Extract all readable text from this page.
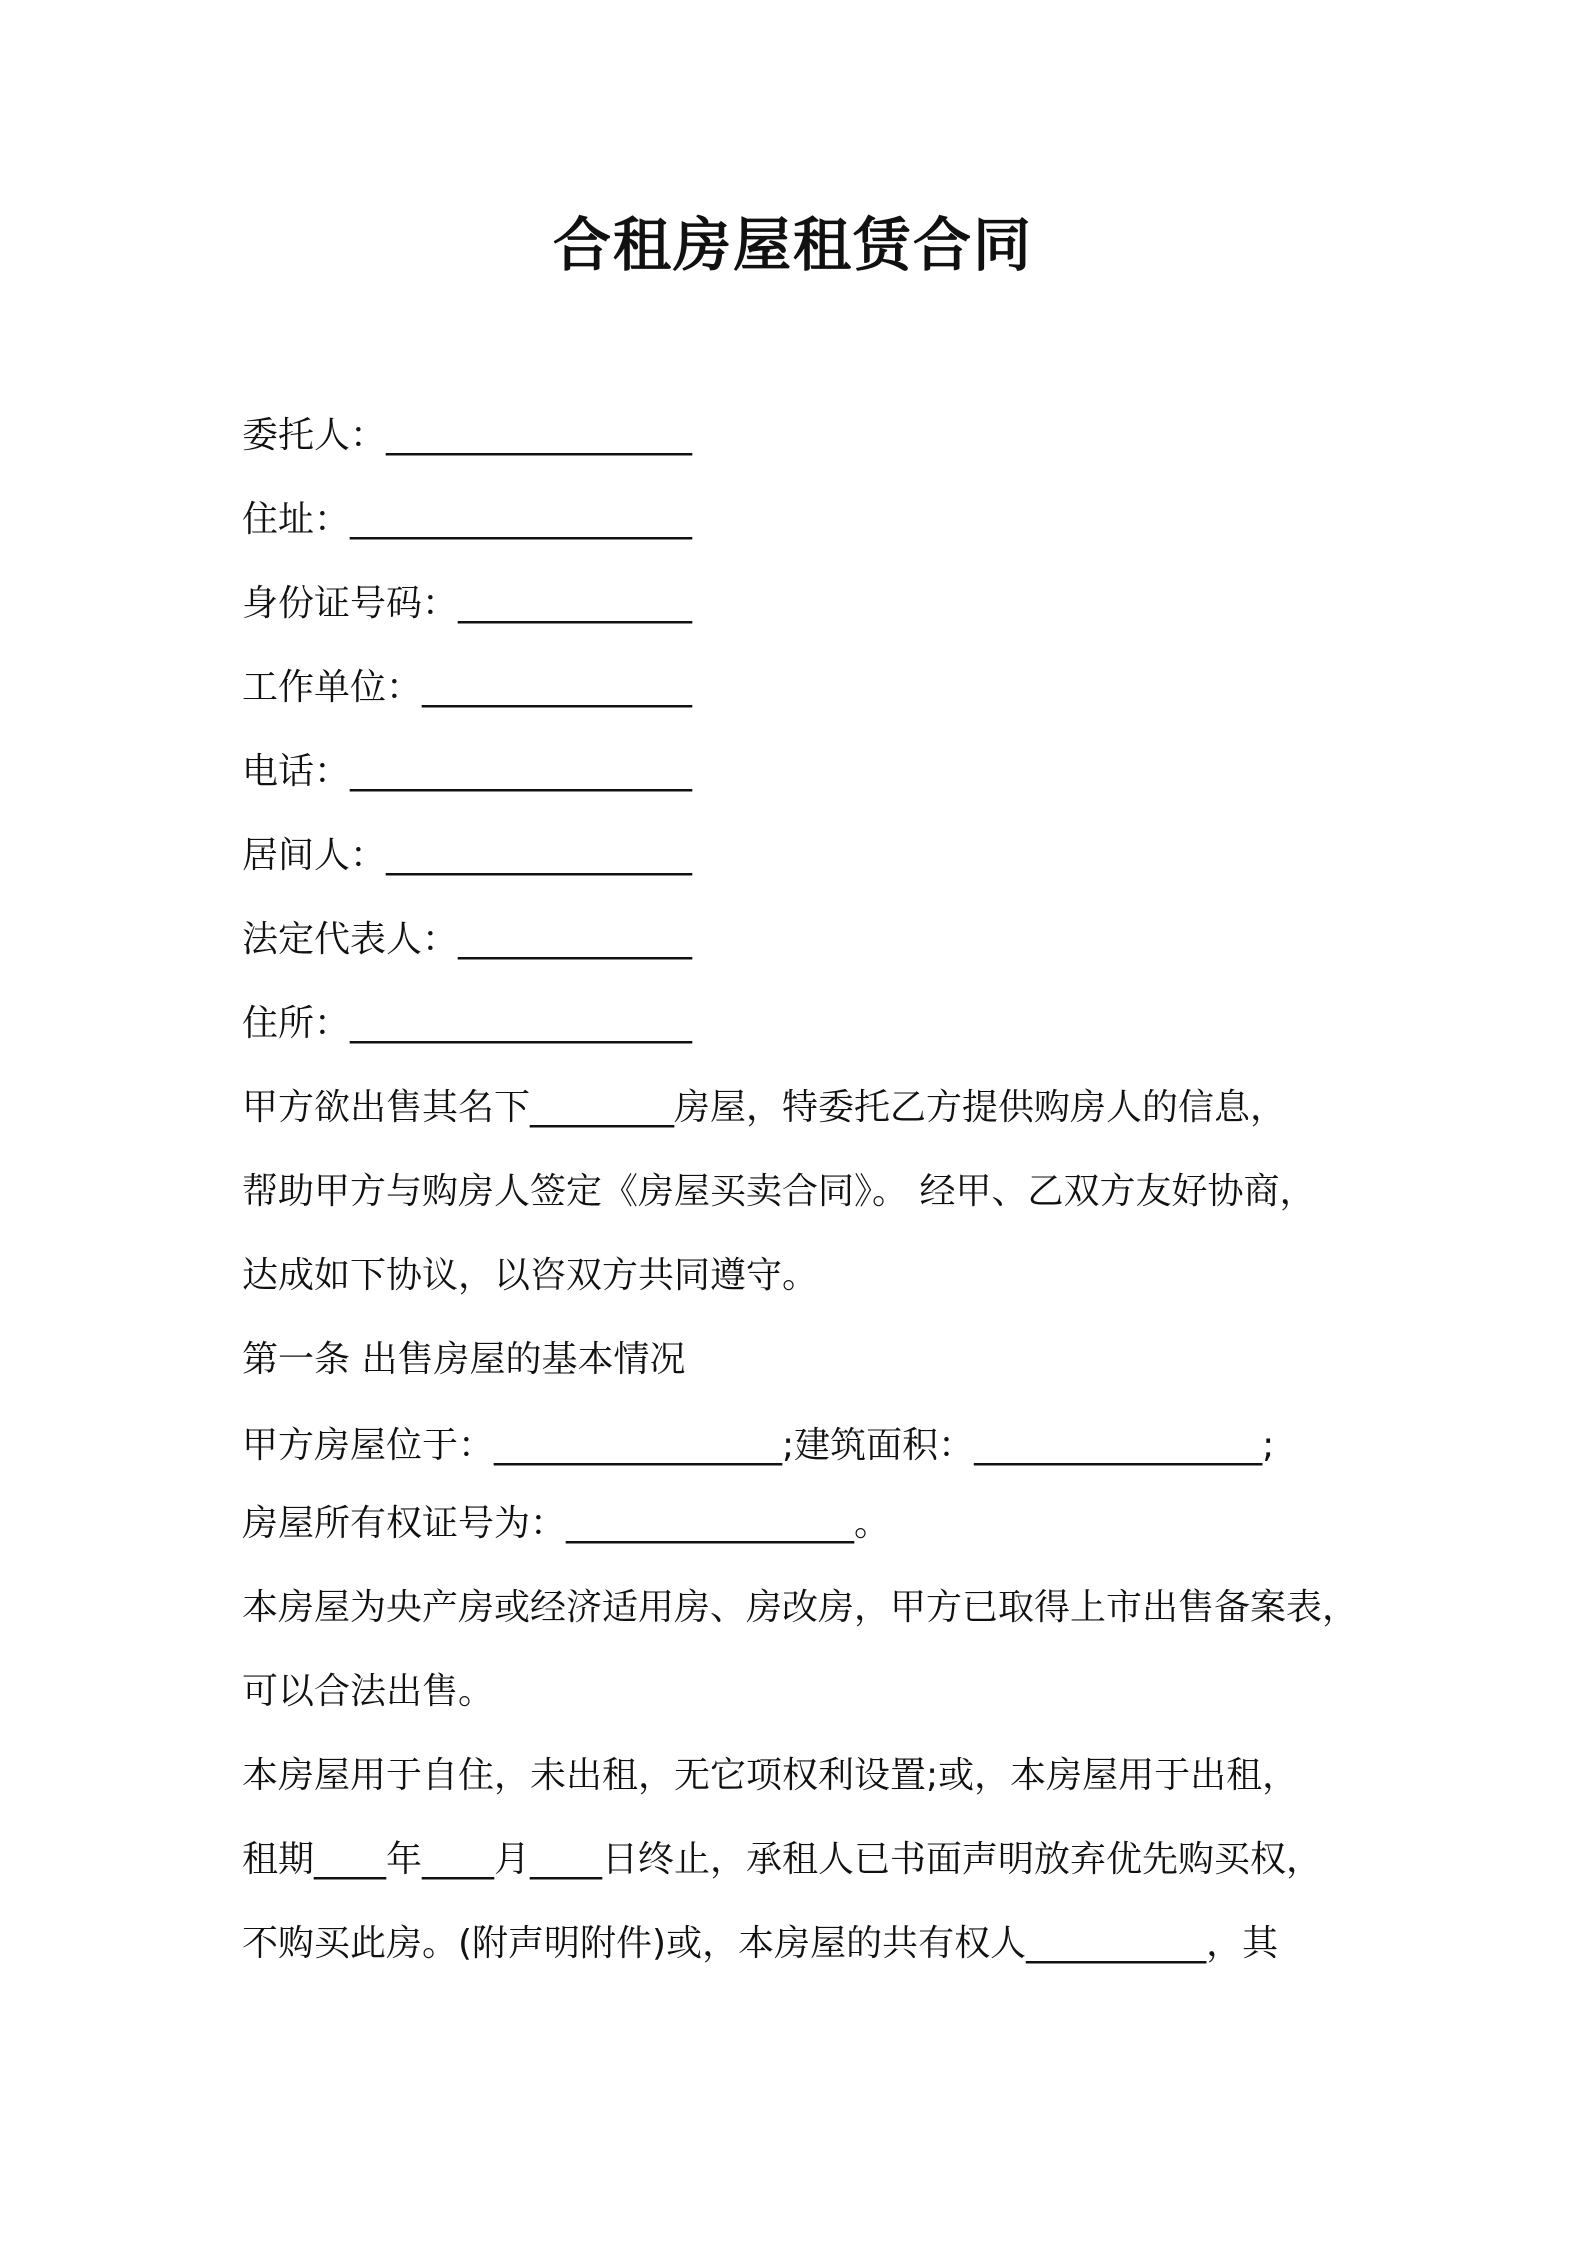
合租房屋租赁合同
委托人：_________________
住址：___________________
身份证号码：_____________
工作单位：_______________
电话：___________________
居间人：_________________
法定代表人：_____________
住所：___________________
甲方欲出售其名下________房屋，特委托乙方提供购房人的信息，
帮助甲方与购房人签定《房屋买卖合同》。 经甲、乙双方友好协商，
达成如下协议，以咨双方共同遵守。
第一条 出售房屋的基本情况
甲方房屋位于：________________;建筑面积：________________;
房屋所有权证号为：________________。
本房屋为央产房或经济适用房、房改房，甲方已取得上市出售备案表，
可以合法出售。
本房屋用于自住，未出租，无它项权利设置;或，本房屋用于出租，
租期____年____月____日终止，承租人已书面声明放弃优先购买权，
不购买此房。(附声明附件)或，本房屋的共有权人__________，其
